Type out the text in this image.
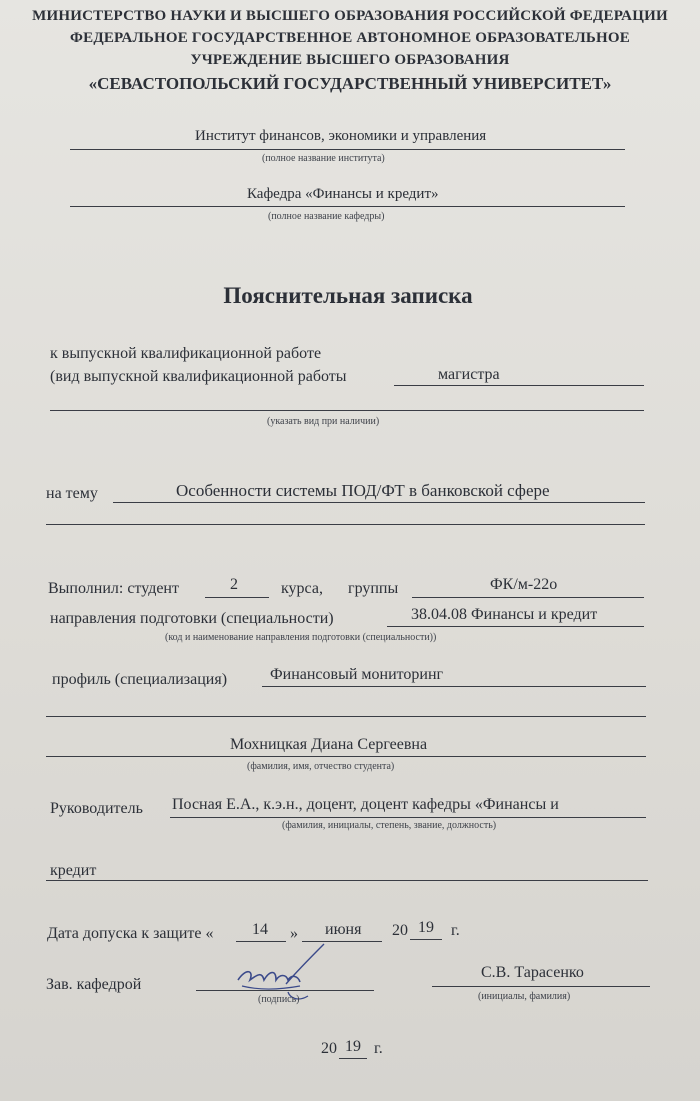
МИНИСТЕРСТВО НАУКИ И ВЫСШЕГО ОБРАЗОВАНИЯ РОССИЙСКОЙ ФЕДЕРАЦИИ
ФЕДЕРАЛЬНОЕ ГОСУДАРСТВЕННОЕ АВТОНОМНОЕ ОБРАЗОВАТЕЛЬНОЕ
УЧРЕЖДЕНИЕ ВЫСШЕГО ОБРАЗОВАНИЯ
«СЕВАСТОПОЛЬСКИЙ ГОСУДАРСТВЕННЫЙ УНИВЕРСИТЕТ»
Институт финансов, экономики и управления
(полное название института)
Кафедра «Финансы и кредит»
(полное название кафедры)
Пояснительная записка
к выпускной квалификационной работе
(вид выпускной квалификационной работы	магистра
(указать вид при наличии)
на тему	Особенности системы ПОД/ФТ в банковской сфере
Выполнил: студент	2	курса, группы	ФК/м-22о
направления подготовки (специальности)	38.04.08 Финансы и кредит
(код и наименование направления подготовки (специальности))
профиль (специализация)	Финансовый мониторинг
Мохницкая Диана Сергеевна
(фамилия, имя, отчество студента)
Руководитель Посная Е.А., к.э.н., доцент, доцент кафедры «Финансы и
(фамилия, инициалы, степень, звание, должность)
кредит
Дата допуска к защите « 14 » июня 20 19 г.
Зав. кафедрой
(подпись)
С.В. Тарасенко
(инициалы, фамилия)
20 19 г.
